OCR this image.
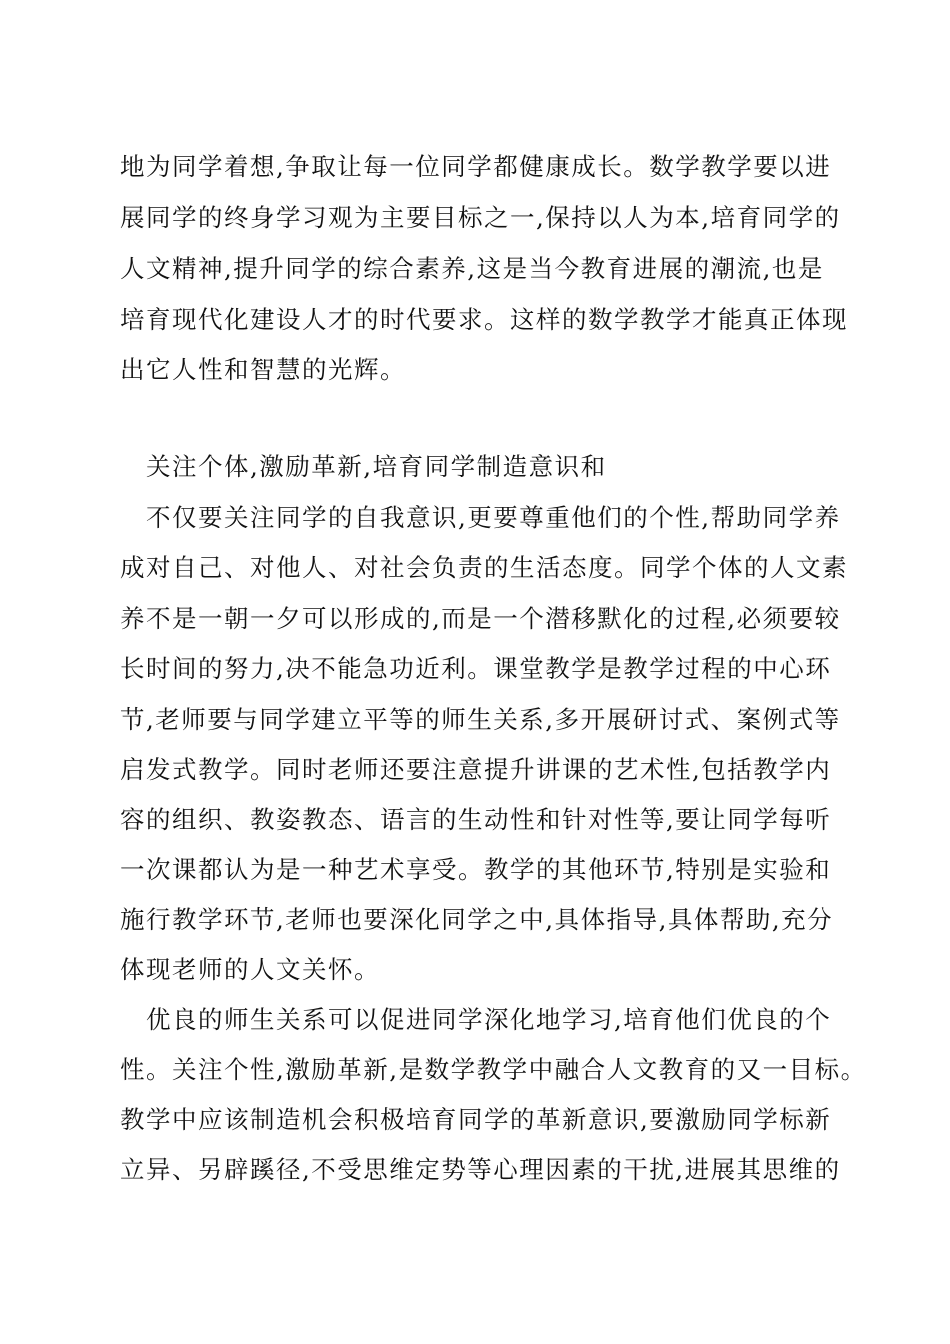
地为同学着想,争取让每一位同学都健康成长。数学教学要以进
展同学的终身学习观为主要目标之一,保持以人为本,培育同学的
人文精神,提升同学的综合素养,这是当今教育进展的潮流,也是
培育现代化建设人才的时代要求。这样的数学教学才能真正体现
出它人性和智慧的光辉。
关注个体,激励革新,培育同学制造意识和
不仅要关注同学的自我意识,更要尊重他们的个性,帮助同学养
成对自己、对他人、对社会负责的生活态度。同学个体的人文素
养不是一朝一夕可以形成的,而是一个潜移默化的过程,必须要较
长时间的努力,决不能急功近利。课堂教学是教学过程的中心环
节,老师要与同学建立平等的师生关系,多开展研讨式、案例式等
启发式教学。同时老师还要注意提升讲课的艺术性,包括教学内
容的组织、教姿教态、语言的生动性和针对性等,要让同学每听
一次课都认为是一种艺术享受。教学的其他环节,特别是实验和
施行教学环节,老师也要深化同学之中,具体指导,具体帮助,充分
体现老师的人文关怀。
优良的师生关系可以促进同学深化地学习,培育他们优良的个
性。关注个性,激励革新,是数学教学中融合人文教育的又一目标。
教学中应该制造机会积极培育同学的革新意识,要激励同学标新
立异、另辟蹊径,不受思维定势等心理因素的干扰,进展其思维的
